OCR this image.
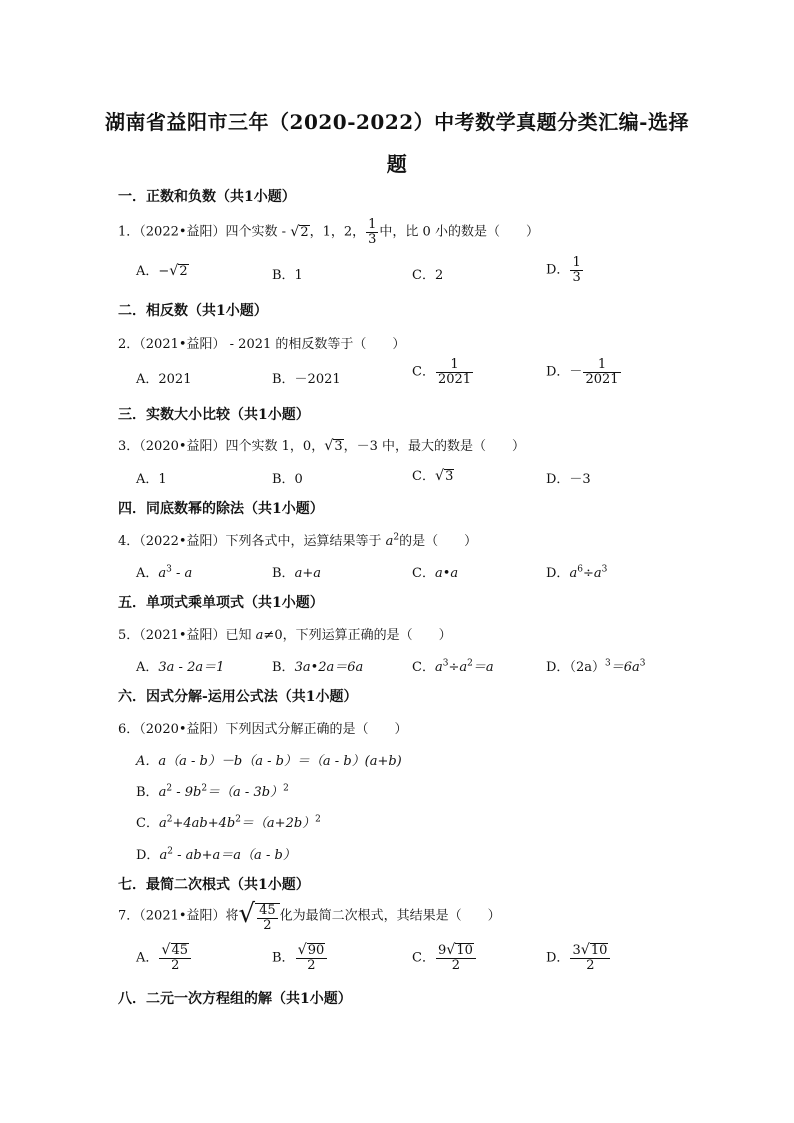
湖南省益阳市三年（2020-2022）中考数学真题分类汇编-选择
题
一．正数和负数（共1小题）
1．（2022•益阳）四个实数 - √2，1，2， $\frac{1}{3}$ 中，比 0 小的数是（　　）
A．−√2	B．1	C．2	D． $\frac{1}{3}$
二．相反数（共1小题）
2．（2021•益阳） - 2021 的相反数等于（　　）
A．2021	B．－2021	C． $\frac{1}{2021}$	D．－ $\frac{1}{2021}$
三．实数大小比较（共1小题）
3．（2020•益阳）四个实数 1，0，√3，－3 中，最大的数是（　　）
A．1	B．0	C．√3	D．－3
四．同底数幂的除法（共1小题）
4．（2022•益阳）下列各式中，运算结果等于 $a^2$的是（　　）
A．$a^3$ - a	B．a+a	C．a•a	D．$a^6\div a^3$
五．单项式乘单项式（共1小题）
5．（2021•益阳）已知 a≠0，下列运算正确的是（　　）
A．3a - 2a＝1	B．3a•2a＝6a	C．$a^3\div a^2=a$	D．$(2a)^3=6a^3$
六．因式分解-运用公式法（共1小题）
6．（2020•益阳）下列因式分解正确的是（　　）
A．a（a - b）－b（a - b）＝（a - b）(a+b)
B．$a^2 - 9b^2=(a - 3b)^2$
C．$a^2+4ab+4b^2=(a+2b)^2$
D．$a^2 - ab+a=a(a - b)$
七．最简二次根式（共1小题）
7．（2021•益阳）将√ $\frac{45}{2}$ 化为最简二次根式，其结果是（　　）
A． $\frac{√45}{2}$	B． $\frac{√90}{2}$	C． $\frac{9√10}{2}$	D． $\frac{3√10}{2}$
八．二元一次方程组的解（共1小题）
